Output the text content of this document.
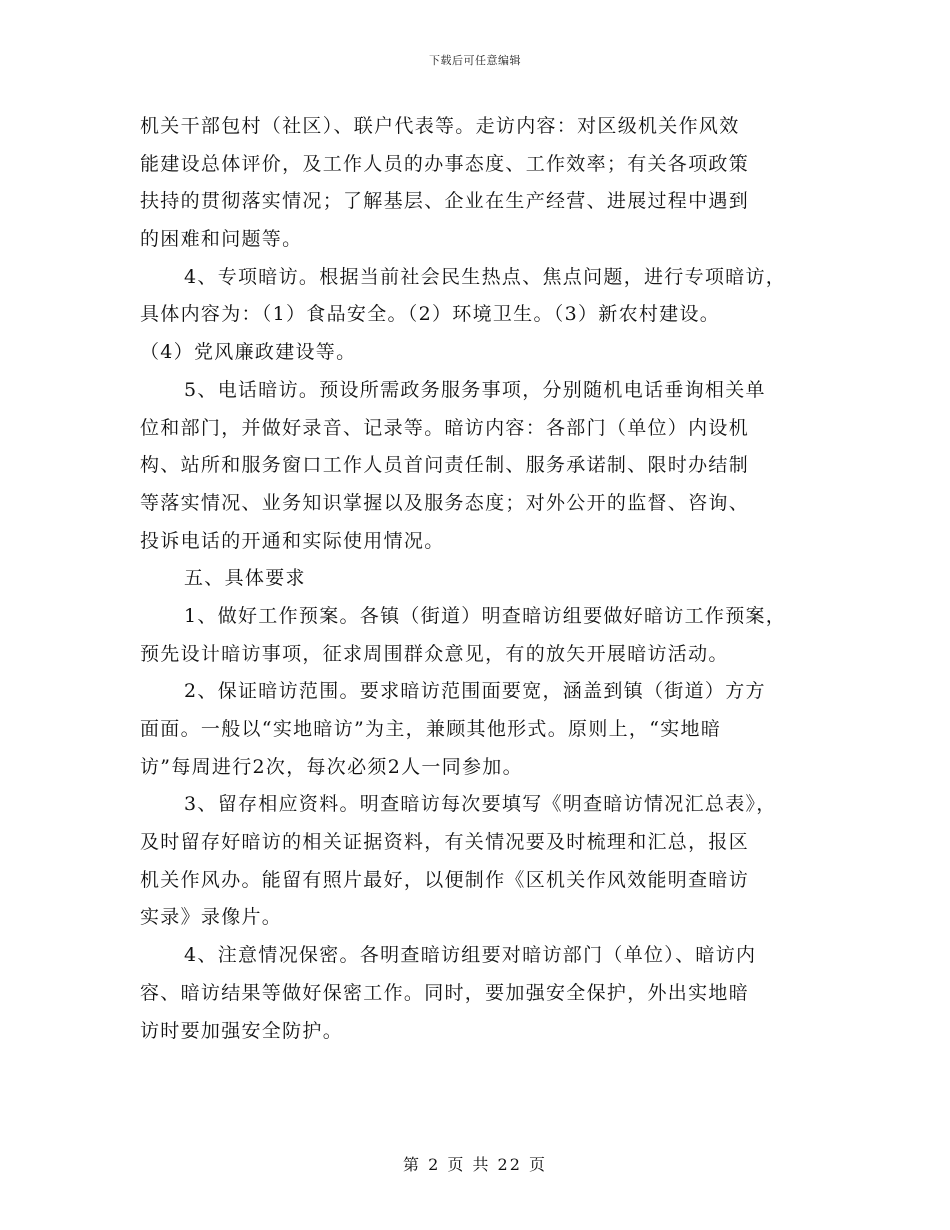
下载后可任意编辑
机关干部包村（社区）、联户代表等。走访内容：对区级机关作风效
能建设总体评价，及工作人员的办事态度、工作效率；有关各项政策
扶持的贯彻落实情况；了解基层、企业在生产经营、进展过程中遇到
的困难和问题等。
4、专项暗访。根据当前社会民生热点、焦点问题，进行专项暗访，
具体内容为：（1）食品安全。（2）环境卫生。（3）新农村建设。
（4）党风廉政建设等。
5、电话暗访。预设所需政务服务事项，分别随机电话垂询相关单
位和部门，并做好录音、记录等。暗访内容：各部门（单位）内设机
构、站所和服务窗口工作人员首问责任制、服务承诺制、限时办结制
等落实情况、业务知识掌握以及服务态度；对外公开的监督、咨询、
投诉电话的开通和实际使用情况。
五、具体要求
1、做好工作预案。各镇（街道）明查暗访组要做好暗访工作预案，
预先设计暗访事项，征求周围群众意见，有的放矢开展暗访活动。
2、保证暗访范围。要求暗访范围面要宽，涵盖到镇（街道）方方
面面。一般以“实地暗访”为主，兼顾其他形式。原则上，“实地暗
访”每周进行2次，每次必须2人一同参加。
3、留存相应资料。明查暗访每次要填写《明查暗访情况汇总表》，
及时留存好暗访的相关证据资料，有关情况要及时梳理和汇总，报区
机关作风办。能留有照片最好，以便制作《区机关作风效能明查暗访
实录》录像片。
4、注意情况保密。各明查暗访组要对暗访部门（单位）、暗访内
容、暗访结果等做好保密工作。同时，要加强安全保护，外出实地暗
访时要加强安全防护。
第 2 页 共 22 页
